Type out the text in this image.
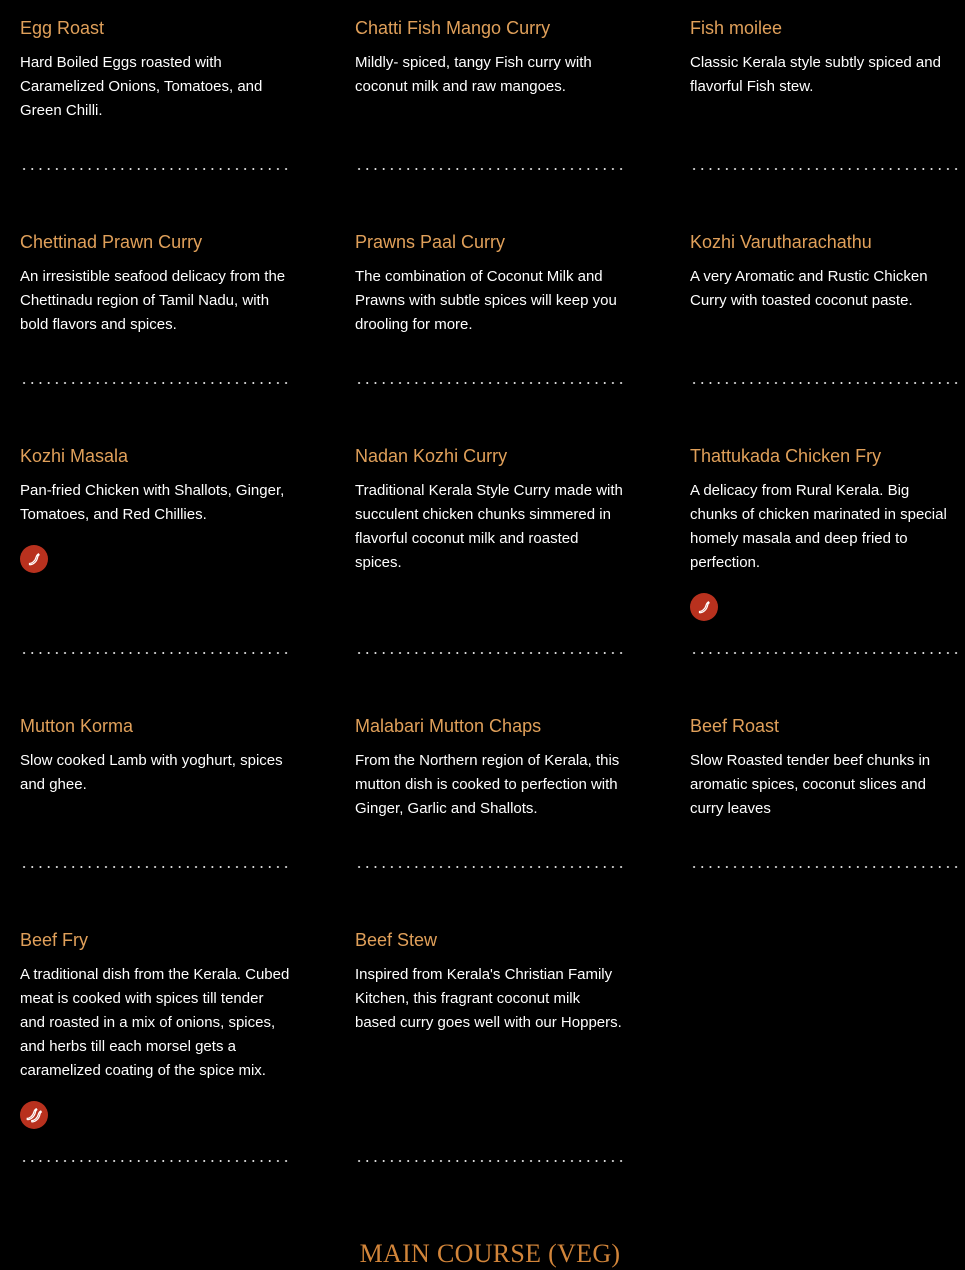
MAIN COURSE (VEG)
Egg Roast

Hard Boiled Eggs roasted with Caramelized Onions, Tomatoes, and Green Chilli.

Chatti Fish Mango Curry

Mildly- spiced, tangy Fish curry with coconut milk and raw mangoes.

Fish moilee

Classic Kerala style subtly spiced and flavorful Fish stew.

Chettinad Prawn Curry

An irresistible seafood delicacy from the Chettinadu region of Tamil Nadu, with bold flavors and spices.

Prawns Paal Curry

The combination of Coconut Milk and Prawns with subtle spices will keep you drooling for more.

Kozhi Varutharachathu

A very Aromatic and Rustic Chicken Curry with toasted coconut paste.

Kozhi Masala

Pan-fried Chicken with Shallots, Ginger, Tomatoes, and Red Chillies.

Nadan Kozhi Curry

Traditional Kerala Style Curry made with succulent chicken chunks simmered in flavorful coconut milk and roasted spices.

Thattukada Chicken Fry

A delicacy from Rural Kerala. Big chunks of chicken marinated in special homely masala and deep fried to perfection.

Mutton Korma

Slow cooked Lamb with yoghurt, spices and ghee.

Malabari Mutton Chaps

From the Northern region of Kerala, this mutton dish is cooked to perfection with Ginger, Garlic and Shallots.

Beef Roast

Slow Roasted tender beef chunks in aromatic spices, coconut slices and curry leaves

Beef Fry

A traditional dish from the Kerala. Cubed meat is cooked with spices till tender and roasted in a mix of onions, spices, and herbs till each morsel gets a caramelized coating of the spice mix.

Beef Stew

Inspired from Kerala's Christian Family Kitchen, this fragrant coconut milk based curry goes well with our Hoppers.
